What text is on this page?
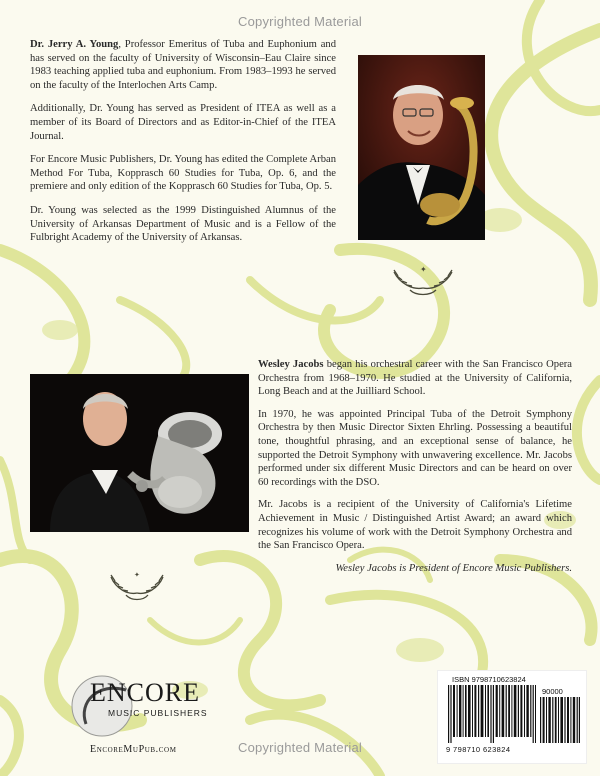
Copyrighted Material

Dr. Jerry A. Young, Professor Emeritus of Tuba and Euphonium and has served on the faculty of University of Wisconsin–Eau Claire since 1983 teaching applied tuba and euphonium. From 1983–1993 he served on the faculty of the Interlochen Arts Camp.

Additionally, Dr. Young has served as President of ITEA as well as a member of its Board of Directors and as Editor-in-Chief of the ITEA Journal.

For Encore Music Publishers, Dr. Young has edited the Complete Arban Method For Tuba, Kopprasch 60 Studies for Tuba, Op. 6, and the premiere and only edition of the Kopprasch 60 Studies for Tuba, Op. 5.

Dr. Young was selected as the 1999 Distinguished Alumnus of the University of Arkansas Department of Music and is a Fellow of the Fulbright Academy of the University of Arkansas.

✦

Wesley Jacobs began his orchestral career with the San Francisco Opera Orchestra from 1968–1970. He studied at the University of California, Long Beach and at the Juilliard School.

In 1970, he was appointed Principal Tuba of the Detroit Symphony Orchestra by then Music Director Sixten Ehrling. Possessing a beautiful tone, thoughtful phrasing, and an exceptional sense of balance, he supported the Detroit Symphony with unwavering excellence. Mr. Jacobs performed under six different Music Directors and can be heard on over 60 recordings with the DSO.

Mr. Jacobs is a recipient of the University of California's Lifetime Achievement in Music / Distinguished Artist Award; an award which recognizes his volume of work with the Detroit Symphony Orchestra and the San Francisco Opera.

Wesley Jacobs is President of Encore Music Publishers.

✦
ENCORE
MUSIC PUBLISHERS
EncoreMuPub.com
ISBN 9798710623824
90000
9 798710 623824
Copyrighted Material
